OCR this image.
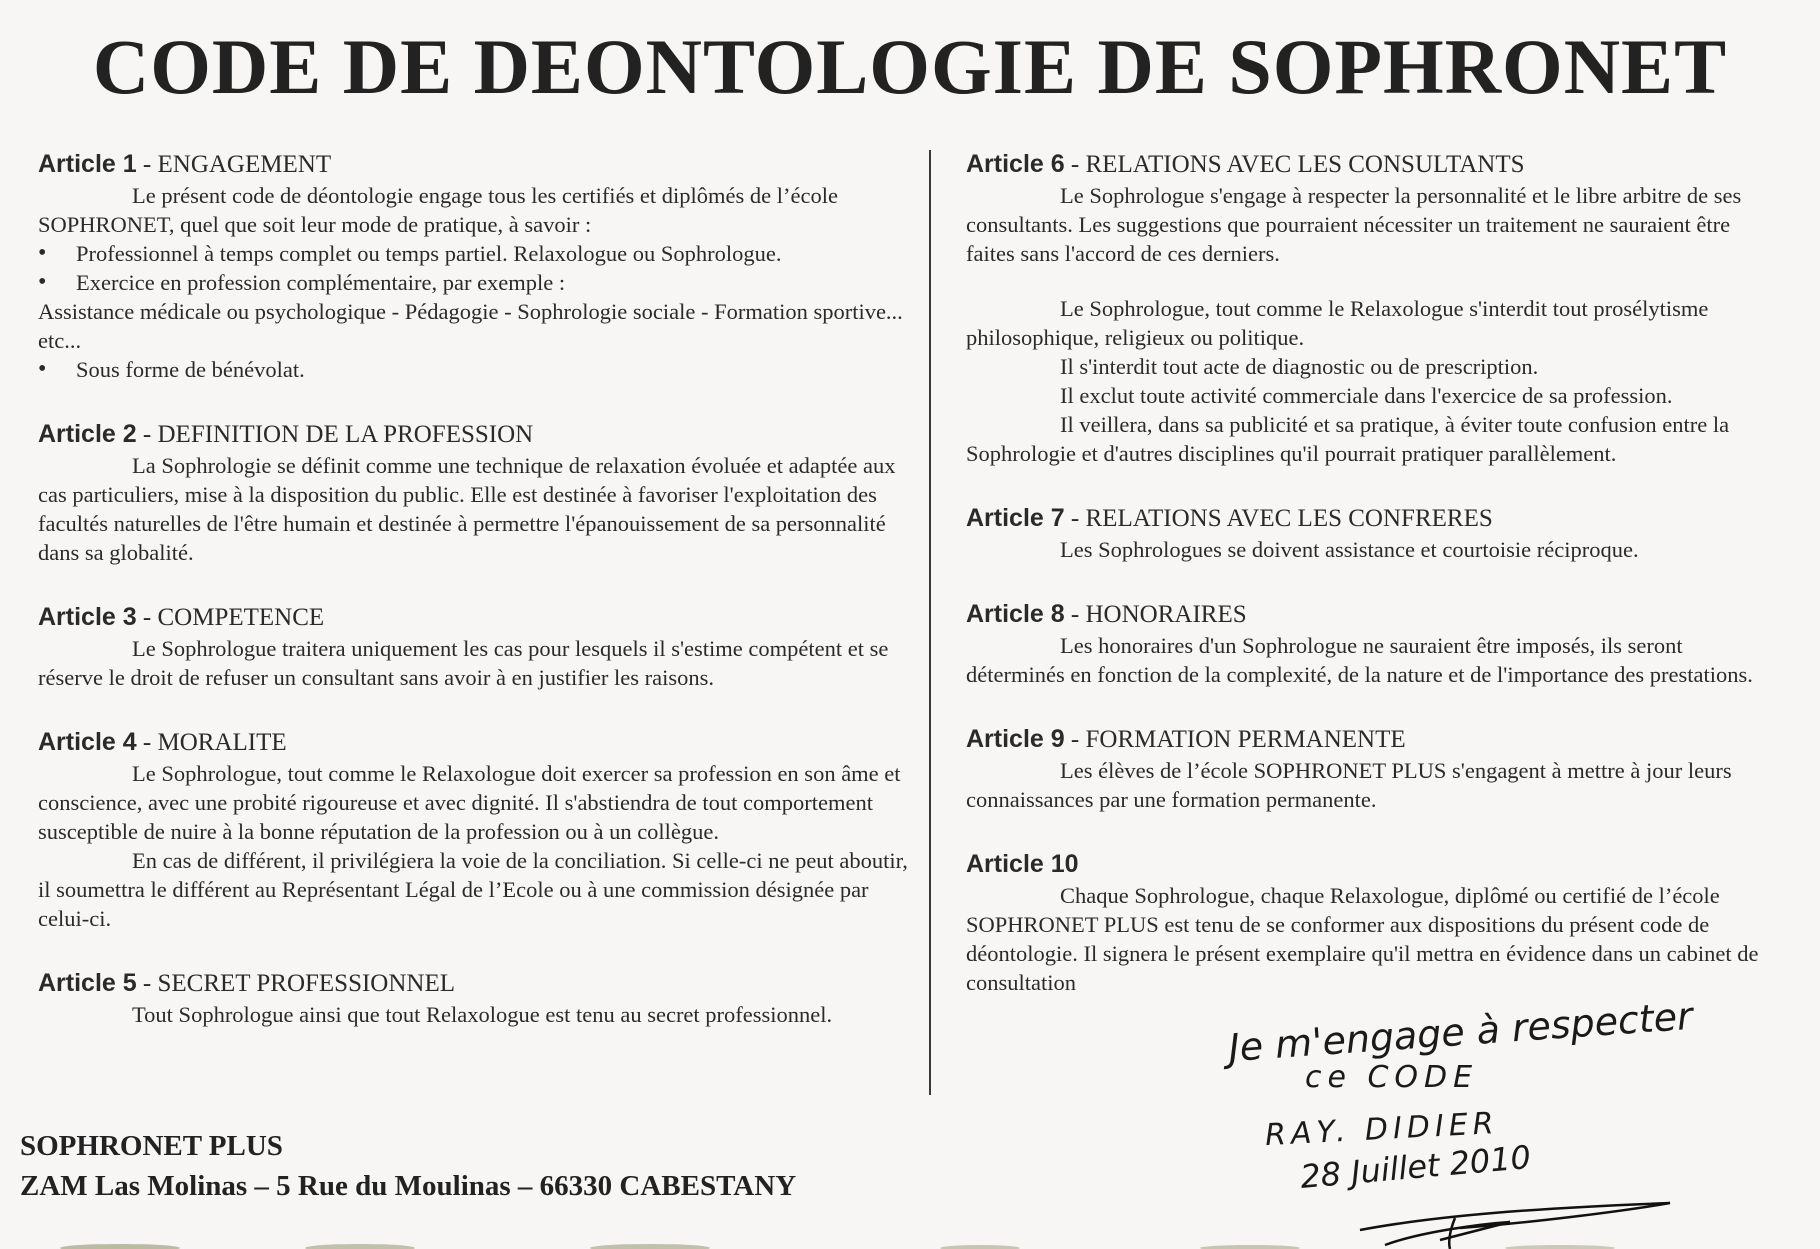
CODE DE DEONTOLOGIE DE SOPHRONET
Article 1 - ENGAGEMENT

Le présent code de déontologie engage tous les certifiés et diplômés de l’école SOPHRONET, quel que soit leur mode de pratique, à savoir :

• Professionnel à temps complet ou temps partiel. Relaxologue ou Sophrologue.
• Exercice en profession complémentaire, par exemple :

Assistance médicale ou psychologique - Pédagogie - Sophrologie sociale - Formation sportive... etc...

• Sous forme de bénévolat.
Article 2 - DEFINITION DE LA PROFESSION

La Sophrologie se définit comme une technique de relaxation évoluée et adaptée aux cas particuliers, mise à la disposition du public. Elle est destinée à favoriser l'exploitation des facultés naturelles de l'être humain et destinée à permettre l'épanouissement de sa personnalité dans sa globalité.

Article 3 - COMPETENCE

Le Sophrologue traitera uniquement les cas pour lesquels il s'estime compétent et se réserve le droit de refuser un consultant sans avoir à en justifier les raisons.

Article 4 - MORALITE

Le Sophrologue, tout comme le Relaxologue doit exercer sa profession en son âme et conscience, avec une probité rigoureuse et avec dignité. Il s'abstiendra de tout comportement susceptible de nuire à la bonne réputation de la profession ou à un collègue.

En cas de différent, il privilégiera la voie de la conciliation. Si celle-ci ne peut aboutir, il soumettra le différent au Représentant Légal de l’Ecole ou à une commission désignée par celui-ci.

Article 5 - SECRET PROFESSIONNEL

Tout Sophrologue ainsi que tout Relaxologue est tenu au secret professionnel.

Article 6 - RELATIONS AVEC LES CONSULTANTS

Le Sophrologue s'engage à respecter la personnalité et le libre arbitre de ses consultants. Les suggestions que pourraient nécessiter un traitement ne sauraient être faites sans l'accord de ces derniers.

Le Sophrologue, tout comme le Relaxologue s'interdit tout prosélytisme philosophique, religieux ou politique.

Il s'interdit tout acte de diagnostic ou de prescription.

Il exclut toute activité commerciale dans l'exercice de sa profession.

Il veillera, dans sa publicité et sa pratique, à éviter toute confusion entre la Sophrologie et d'autres disciplines qu'il pourrait pratiquer parallèlement.

Article 7 - RELATIONS AVEC LES CONFRERES

Les Sophrologues se doivent assistance et courtoisie réciproque.

Article 8 - HONORAIRES

Les honoraires d'un Sophrologue ne sauraient être imposés, ils seront déterminés en fonction de la complexité, de la nature et de l'importance des prestations.

Article 9 - FORMATION PERMANENTE

Les élèves de l’école SOPHRONET PLUS s'engagent à mettre à jour leurs connaissances par une formation permanente.

Article 10

Chaque Sophrologue, chaque Relaxologue, diplômé ou certifié de l’école SOPHRONET PLUS est tenu de se conformer aux dispositions du présent code de déontologie. Il signera le présent exemplaire qu'il mettra en évidence dans un cabinet de consultation

Je m'engage à respecter
ce CODE
RAY. DIDIER
28 Juillet 2010
SOPHRONET PLUS
ZAM Las Molinas – 5 Rue du Moulinas – 66330 CABESTANY
